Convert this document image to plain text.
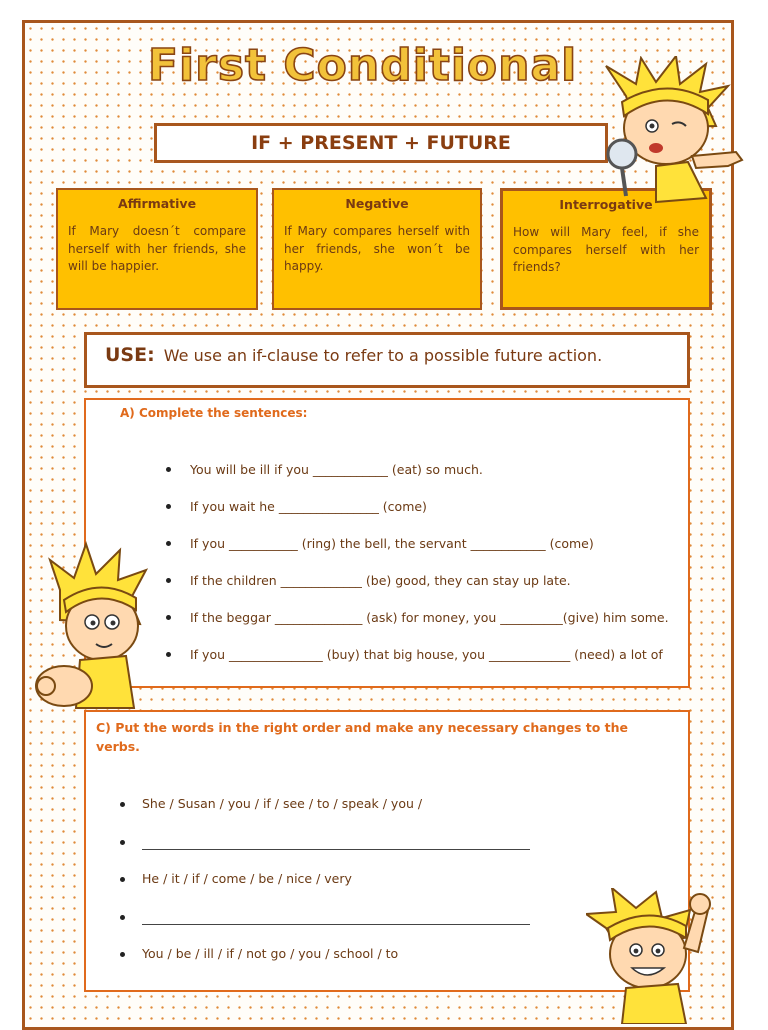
First Conditional
IF + PRESENT + FUTURE
Affirmative

If Mary doesn´t compare herself with her friends, she will be happier.

Negative

If Mary compares herself with her friends, she won´t be happy.

Interrogative

How will Mary feel, if she compares herself with her friends?

USE: We use an if-clause to refer to a possible future action.
A) Complete the sentences:
You will be ill if you ____________ (eat) so much.
If you wait he ________________ (come)
If you ___________ (ring) the bell, the servant ____________ (come)
If the children _____________ (be) good, they can stay up late.
If the beggar ______________ (ask) for money, you __________(give) him some.
If you _______________ (buy) that big house, you _____________ (need) a lot of
C) Put the words in the right order and make any necessary changes to the verbs.
She / Susan / you / if / see / to / speak / you /
He / it / if / come / be / nice / very
You / be / ill / if / not go / you / school / to
